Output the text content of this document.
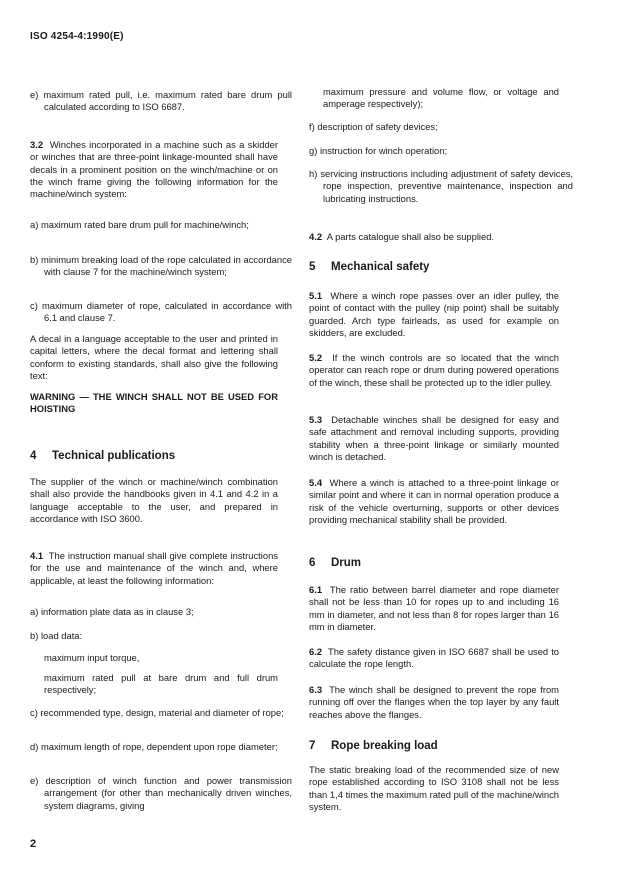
ISO 4254-4:1990(E)

e) maximum rated pull, i.e. maximum rated bare drum pull calculated according to ISO 6687.

3.2 Winches incorporated in a machine such as a skidder or winches that are three-point linkage-mounted shall have decals in a prominent position on the winch/machine or on the winch frame giving the following information for the machine/winch system:

a) maximum rated bare drum pull for machine/winch;

b) minimum breaking load of the rope calculated in accordance with clause 7 for the machine/winch system;

c) maximum diameter of rope, calculated in accordance with 6.1 and clause 7.

A decal in a language acceptable to the user and printed in capital letters, where the decal format and lettering shall conform to existing standards, shall also give the following text:

WARNING — THE WINCH SHALL NOT BE USED FOR HOISTING

4 Technical publications

The supplier of the winch or machine/winch combination shall also provide the handbooks given in 4.1 and 4.2 in a language acceptable to the user, and prepared in accordance with ISO 3600.

4.1 The instruction manual shall give complete instructions for the use and maintenance of the winch and, where applicable, at least the following information:

a) information plate data as in clause 3;

b) load data:

maximum input torque,

maximum rated pull at bare drum and full drum respectively;

c) recommended type, design, material and diameter of rope;

d) maximum length of rope, dependent upon rope diameter;

e) description of winch function and power transmission arrangement (for other than mechanically driven winches, system diagrams, giving

maximum pressure and volume flow, or voltage and amperage respectively);

f) description of safety devices;

g) instruction for winch operation;

h) servicing instructions including adjustment of safety devices, rope inspection, preventive maintenance, inspection and lubricating instructions.

4.2 A parts catalogue shall also be supplied.

5 Mechanical safety

5.1 Where a winch rope passes over an idler pulley, the point of contact with the pulley (nip point) shall be suitably guarded. Arch type fairleads, as used for example on skidders, are excluded.

5.2 If the winch controls are so located that the winch operator can reach rope or drum during powered operations of the winch, these shall be protected up to the idler pulley.

5.3 Detachable winches shall be designed for easy and safe attachment and removal including supports, providing stability when a three-point linkage or similarly mounted winch is detached.

5.4 Where a winch is attached to a three-point linkage or similar point and where it can in normal operation produce a risk of the vehicle overturning, supports or other devices providing mechanical stability shall be provided.

6 Drum

6.1 The ratio between barrel diameter and rope diameter shall not be less than 10 for ropes up to and including 16 mm in diameter, and not less than 8 for ropes larger than 16 mm in diameter.

6.2 The safety distance given in ISO 6687 shall be used to calculate the rope length.

6.3 The winch shall be designed to prevent the rope from running off over the flanges when the top layer by any fault reaches above the flanges.

7 Rope breaking load

The static breaking load of the recommended size of new rope established according to ISO 3108 shall not be less than 1,4 times the maximum rated pull of the machine/winch system.

2
